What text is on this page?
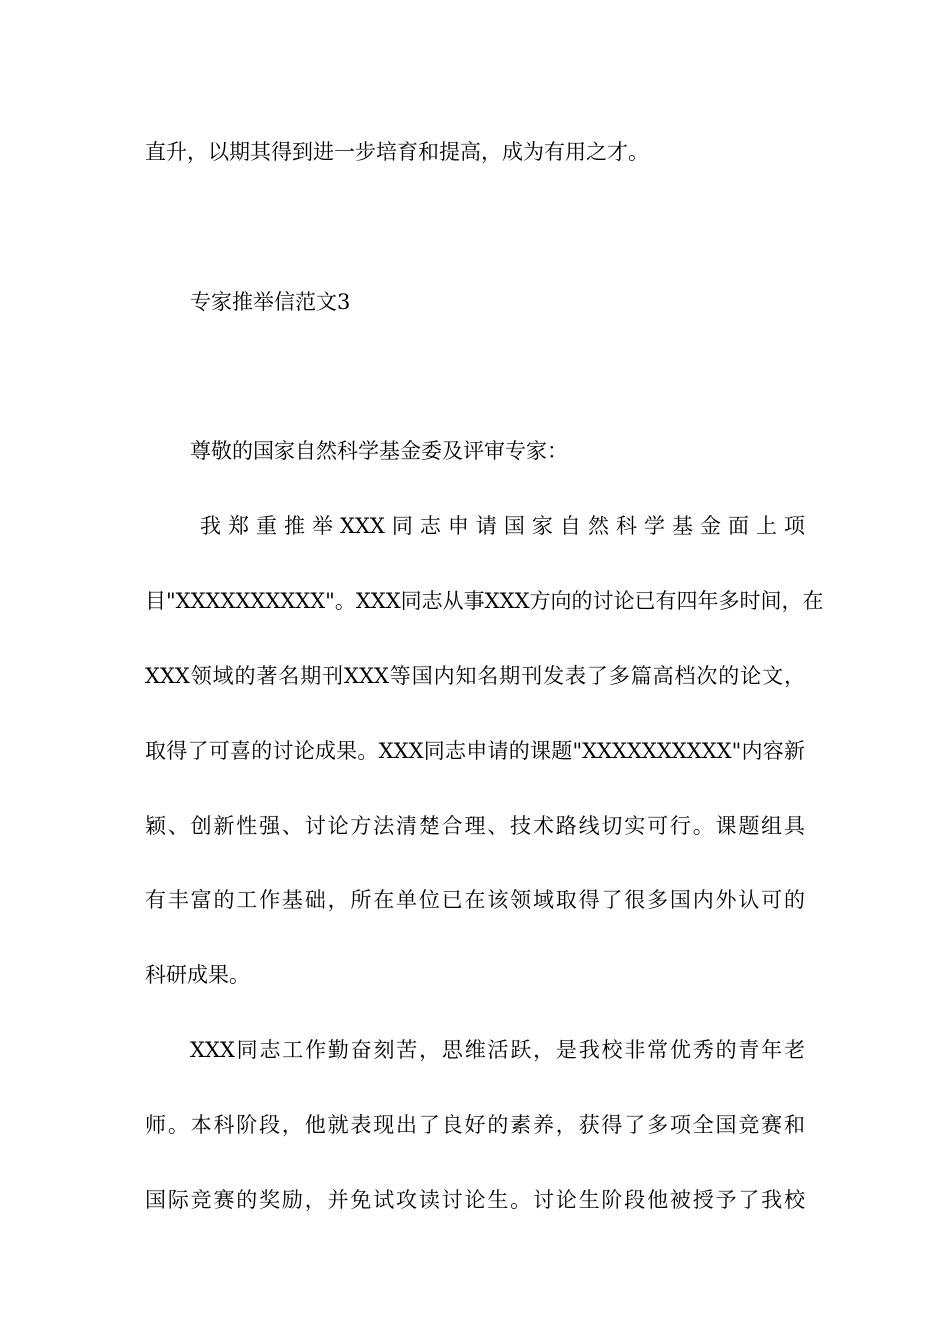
直升，以期其得到进一步培育和提高，成为有用之才。
专家推举信范文3
尊敬的国家自然科学基金委及评审专家：
我郑重推举XXX同志申请国家自然科学基金面上项
目"XXXXXXXXXX"。XXX同志从事XXX方向的讨论已有四年多时间，在
XXX领域的著名期刊XXX等国内知名期刊发表了多篇高档次的论文，
取得了可喜的讨论成果。XXX同志申请的课题"XXXXXXXXXX"内容新
颖、创新性强、讨论方法清楚合理、技术路线切实可行。课题组具
有丰富的工作基础，所在单位已在该领域取得了很多国内外认可的
科研成果。
XXX同志工作勤奋刻苦，思维活跃，是我校非常优秀的青年老
师。本科阶段，他就表现出了良好的素养，获得了多项全国竞赛和
国际竞赛的奖励，并免试攻读讨论生。讨论生阶段他被授予了我校
